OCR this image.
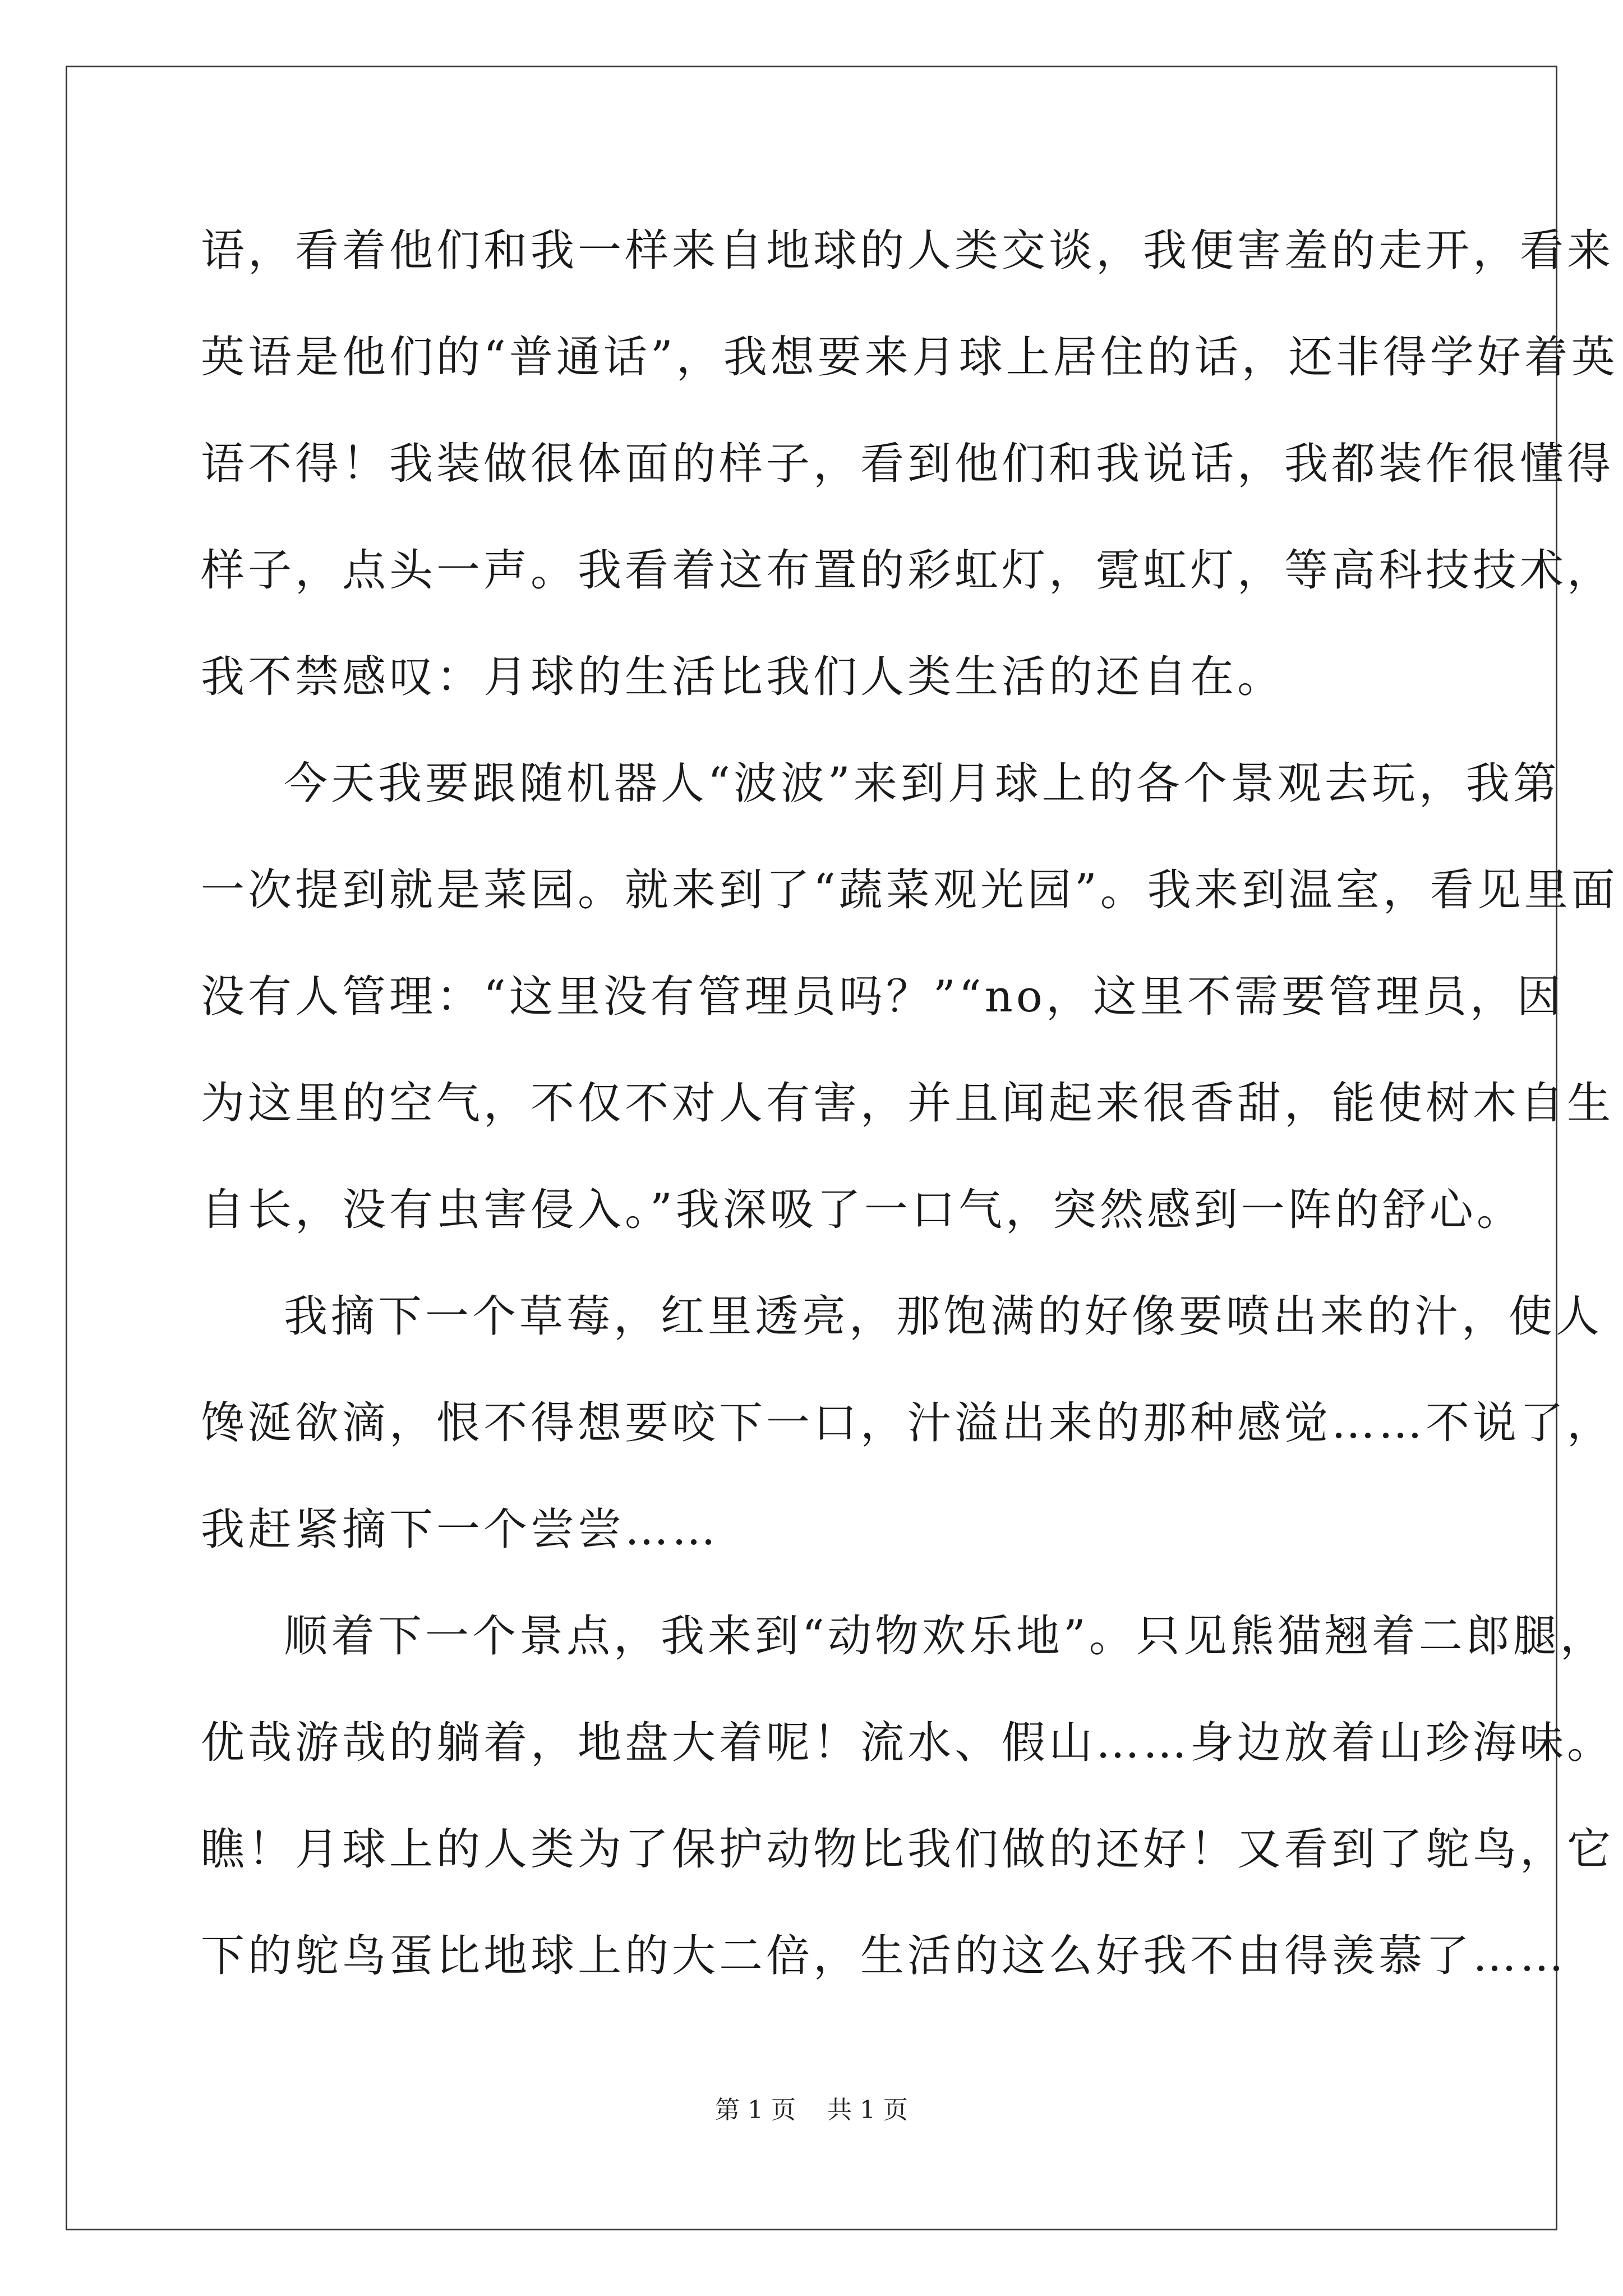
语，看着他们和我一样来自地球的人类交谈，我便害羞的走开，看来
英语是他们的“普通话”，我想要来月球上居住的话，还非得学好着英
语不得！我装做很体面的样子，看到他们和我说话，我都装作很懂得
样子，点头一声。我看着这布置的彩虹灯，霓虹灯，等高科技技术，
我不禁感叹：月球的生活比我们人类生活的还自在。
今天我要跟随机器人“波波”来到月球上的各个景观去玩，我第
一次提到就是菜园。就来到了“蔬菜观光园”。我来到温室，看见里面
没有人管理：“这里没有管理员吗？”“no，这里不需要管理员，因
为这里的空气，不仅不对人有害，并且闻起来很香甜，能使树木自生
自长，没有虫害侵入。”我深吸了一口气，突然感到一阵的舒心。
我摘下一个草莓，红里透亮，那饱满的好像要喷出来的汁，使人
馋涎欲滴，恨不得想要咬下一口，汁溢出来的那种感觉……不说了，
我赶紧摘下一个尝尝……
顺着下一个景点，我来到“动物欢乐地”。只见熊猫翘着二郎腿，
优哉游哉的躺着，地盘大着呢！流水、假山……身边放着山珍海味。
瞧！月球上的人类为了保护动物比我们做的还好！又看到了鸵鸟，它
下的鸵鸟蛋比地球上的大二倍，生活的这么好我不由得羡慕了……
第 1 页    共 1 页
